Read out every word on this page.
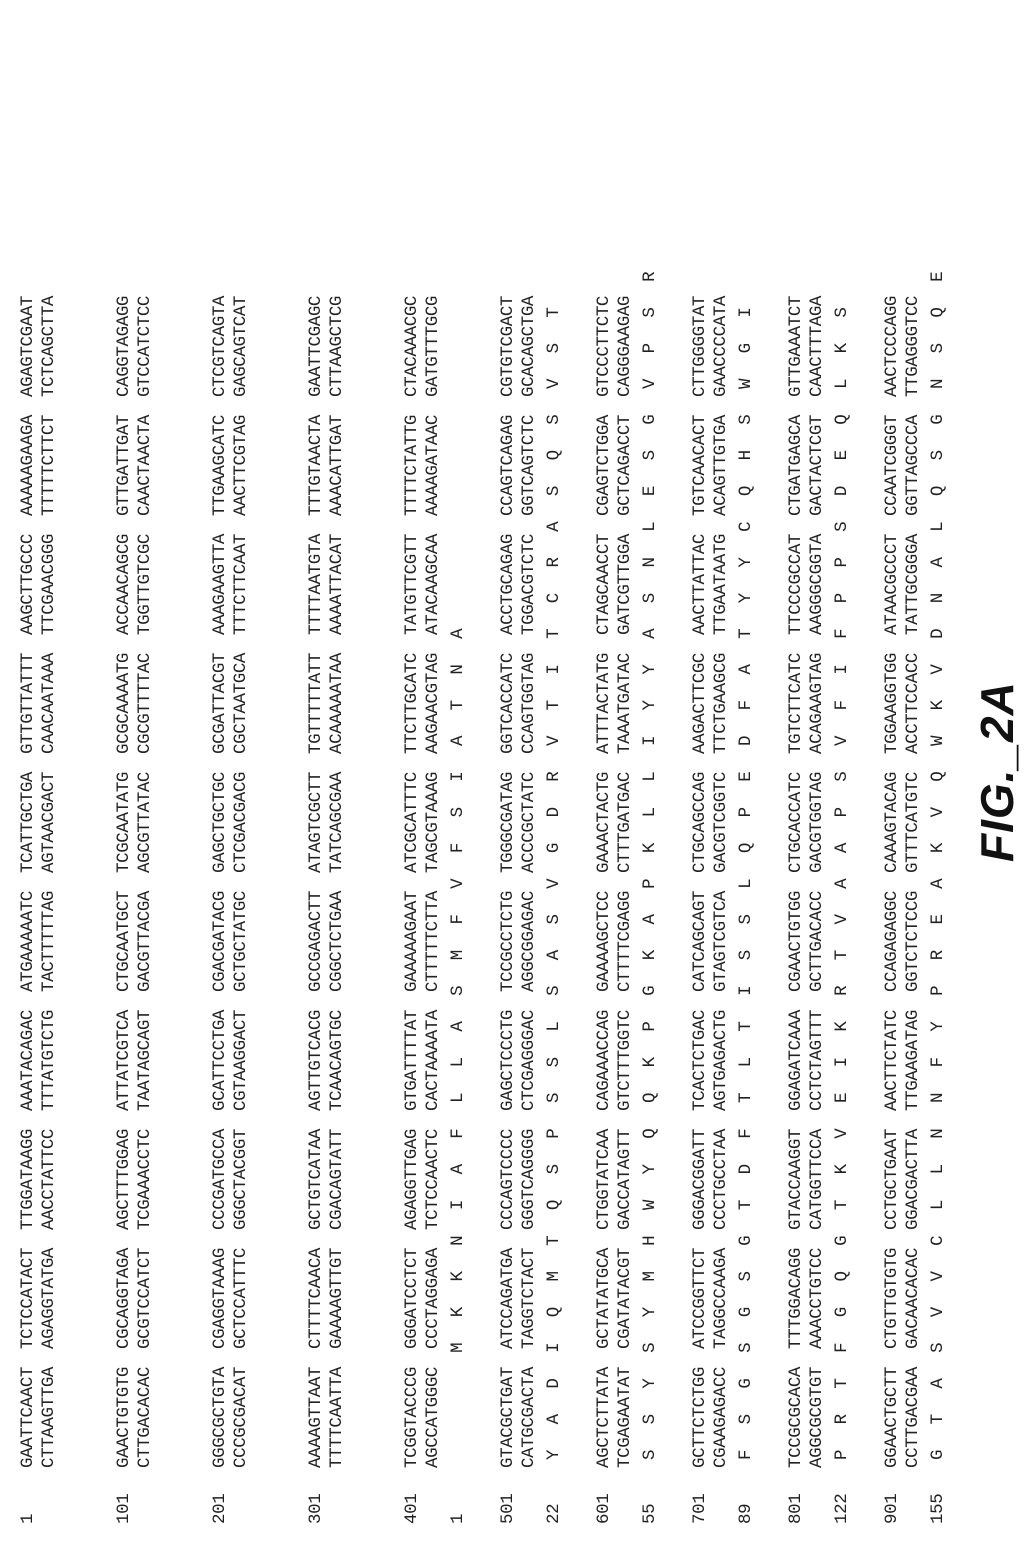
1
GAATTCAACT
TCTCCATACT
TTGGATAAGG
AAATACAGAC
ATGAAAAATC
TCATTGCTGA
GTTGTTATTT
AAGCTTGCCC
AAAAAGAAGA
AGAGTCGAAT
CTTAAGTTGA
AGAGGTATGA
AACCTATTCC
TTTATGTCTG
TACTTTTTAG
AGTAACGACT
CAACAATAAA
TTCGAACGGG
TTTTTCTTCT
TCTCAGCTTA
101
GAACTGTGTG
CGCAGGTAGA
AGCTTTGGAG
ATTATCGTCA
CTGCAATGCT
TCGCAATATG
GCGCAAAATG
ACCAACAGCG
GTTGATTGAT
CAGGTAGAGG
CTTGACACAC
GCGTCCATCT
TCGAAACCTC
TAATAGCAGT
GACGTTACGA
AGCGTTATAC
CGCGTTTTAC
TGGTTGTCGC
CAACTAACTA
GTCCATCTCC
201
GGGCGCTGTA
CGAGGTAAAG
CCCGATGCCA
GCATTCCTGA
CGACGATACG
GAGCTGCTGC
GCGATTACGT
AAAGAAGTTA
TTGAAGCATC
CTCGTCAGTA
CCCGCGACAT
GCTCCATTTC
GGGCTACGGT
CGTAAGGACT
GCTGCTATGC
CTCGACGACG
CGCTAATGCA
TTTCTTCAAT
AACTTCGTAG
GAGCAGTCAT
301
AAAAGTTAAT
CTTTTCAACA
GCTGTCATAA
AGTTGTCACG
GCCGAGACTT
ATAGTCGCTT
TGTTTTTATT
TTTTAATGTA
TTTGTAACTA
GAATTCGAGC
TTTTCAATTA
GAAAAGTTGT
CGACAGTATT
TCAACAGTGC
CGGCTCTGAA
TATCAGCGAA
ACAAAAATAA
AAAATTACAT
AAACATTGAT
CTTAAGCTCG
401
TCGGTACCCG
GGGATCCTCT
AGAGGTTGAG
GTGATTTTAT
GAAAAAGAAT
ATCGCATTTC
TTCTTGCATC
TATGTTCGTT
TTTTCTATTG
CTACAAACGC
AGCCATGGGC
CCCTAGGAGA
TCTCCAACTC
CACTAAAATA
CTTTTTCTTA
TAGCGTAAAG
AAGAACGTAG
ATACAAGCAA
AAAAGATAAC
GATGTTTGCG
1
M
K
K
N
I
A
F
L
L
A
S
M
F
V
F
S
I
A
T
N
A
501
GTACGCTGAT
ATCCAGATGA
CCCAGTCCCC
GAGCTCCCTG
TCCGCCTCTG
TGGGCGATAG
GGTCACCATC
ACCTGCAGAG
CCAGTCAGAG
CGTGTCGACT
CATGCGACTA
TAGGTCTACT
GGGTCAGGGG
CTCGAGGGAC
AGGCGGAGAC
ACCCGCTATC
CCAGTGGTAG
TGGACGTCTC
GGTCAGTCTC
GCACAGCTGA
22
Y
A
D
I
Q
M
T
Q
S
P
S
S
L
S
A
S
V
G
D
R
V
T
I
T
C
R
A
S
Q
S
V
S
T
601
AGCTCTTATA
GCTATATGCA
CTGGTATCAA
CAGAAACCAG
GAAAAGCTCC
GAAACTACTG
ATTTACTATG
CTAGCAACCT
CGAGTCTGGA
GTCCCTTCTC
TCGAGAATAT
CGATATACGT
GACCATAGTT
GTCTTTGGTC
CTTTTCGAGG
CTTTGATGAC
TAAATGATAC
GATCGTTGGA
GCTCAGACCT
CAGGGAAGAG
55
S
S
Y
S
Y
M
H
W
Y
Q
Q
K
P
G
K
A
P
K
L
L
I
Y
Y
A
S
N
L
E
S
G
V
P
S
R
701
GCTTCTCTGG
ATCCGGTTCT
GGGACGGATT
TCACTCTGAC
CATCAGCAGT
CTGCAGCCAG
AAGACTTCGC
AACTTATTAC
TGTCAACACT
CTTGGGGTAT
CGAAGAGACC
TAGGCCAAGA
CCCTGCCTAA
AGTGAGACTG
GTAGTCGTCA
GACGTCGGTC
TTCTGAAGCG
TTGAATAATG
ACAGTTGTGA
GAACCCCATA
89
F
S
G
S
G
S
G
T
D
F
T
L
T
I
S
S
L
Q
P
E
D
F
A
T
Y
Y
C
Q
H
S
W
G
I
801
TCCGCGCACA
TTTGGACAGG
GTACCAAGGT
GGAGATCAAA
CGAACTGTGG
CTGCACCATC
TGTCTTCATC
TTCCCGCCAT
CTGATGAGCA
GTTGAAATCT
AGGCGCGTGT
AAACCTGTCC
CATGGTTCCA
CCTCTAGTTT
GCTTGACACC
GACGTGGTAG
ACAGAAGTAG
AAGGGCGGTA
GACTACTCGT
CAACTTTAGA
122
P
R
T
F
G
Q
G
T
K
V
E
I
K
R
T
V
A
A
P
S
V
F
I
F
P
P
S
D
E
Q
L
K
S
901
GGAACTGCTT
CTGTTGTGTG
CCTGCTGAAT
AACTTCTATC
CCAGAGAGGC
CAAAGTACAG
TGGAAGGTGG
ATAACGCCCT
CCAATCGGGT
AACTCCCAGG
CCTTGACGAA
GACAACACAC
GGACGACTTA
TTGAAGATAG
GGTCTCTCCG
GTTTCATGTC
ACCTTCCACC
TATTGCGGGA
GGTTAGCCCA
TTGAGGGTCC
155
G
T
A
S
V
V
C
L
L
N
N
F
Y
P
R
E
A
K
V
Q
W
K
V
D
N
A
L
Q
S
G
N
S
Q
E
FIG._2A
